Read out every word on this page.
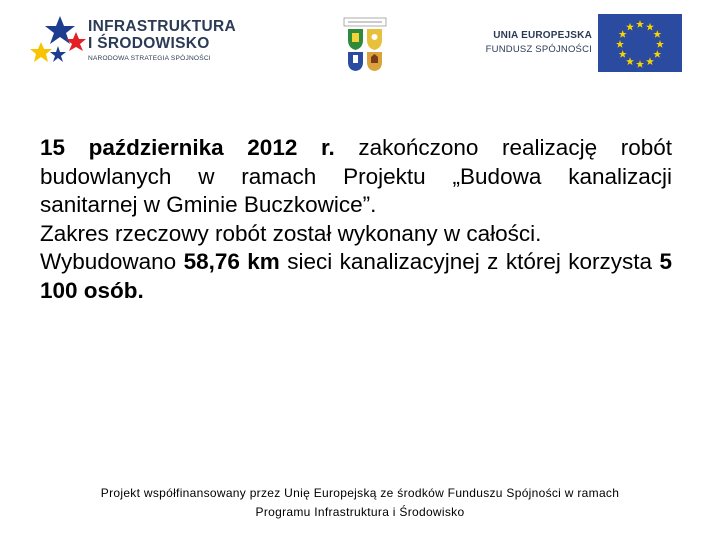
INFRASTRUKTURA
I ŚRODOWISKO
NARODOWA STRATEGIA SPÓJNOŚCI
UNIA EUROPEJSKA
FUNDUSZ SPÓJNOŚCI

15 października 2012 r. zakończono realizację robót budowlanych w ramach Projektu „Budowa kanalizacji sanitarnej w Gminie Buczkowice”.

Zakres rzeczowy robót został wykonany w całości.

Wybudowano 58,76 km sieci kanalizacyjnej z której korzysta 5 100 osób.

Projekt współfinansowany przez Unię Europejską ze środków Funduszu Spójności w ramach
Programu Infrastruktura i Środowisko
